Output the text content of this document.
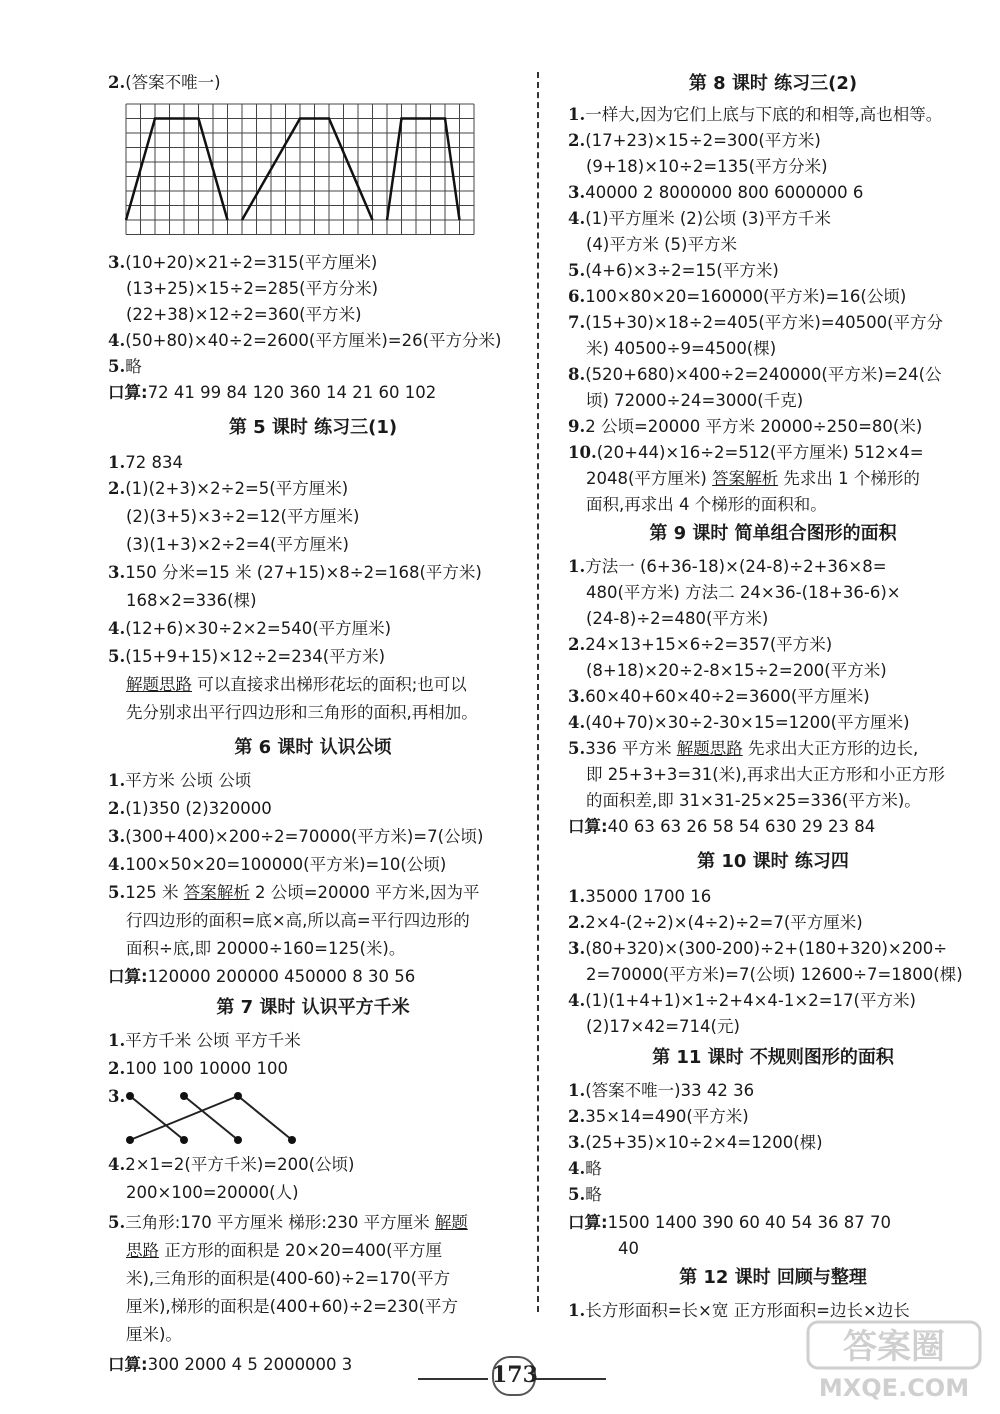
2.(答案不唯一)
3.(10+20)×21÷2=315(平方厘米)
(13+25)×15÷2=285(平方分米)
(22+38)×12÷2=360(平方米)
4.(50+80)×40÷2=2600(平方厘米)=26(平方分米)
5.略
口算:72 41 99 84 120 360 14 21 60 102
第 5 课时 练习三(1)
1.72 834
2.(1)(2+3)×2÷2=5(平方厘米)
(2)(3+5)×3÷2=12(平方厘米)
(3)(1+3)×2÷2=4(平方厘米)
3.150 分米=15 米 (27+15)×8÷2=168(平方米)
168×2=336(棵)
4.(12+6)×30÷2×2=540(平方厘米)
5.(15+9+15)×12÷2=234(平方米)
解题思路 可以直接求出梯形花坛的面积;也可以
先分别求出平行四边形和三角形的面积,再相加。
第 6 课时 认识公顷
1.平方米 公顷 公顷
2.(1)350 (2)320000
3.(300+400)×200÷2=70000(平方米)=7(公顷)
4.100×50×20=100000(平方米)=10(公顷)
5.125 米 答案解析 2 公顷=20000 平方米,因为平
行四边形的面积=底×高,所以高=平行四边形的
面积÷底,即 20000÷160=125(米)。
口算:120000 200000 450000 8 30 56
第 7 课时 认识平方千米
1.平方千米 公顷 平方千米
2.100 100 10000 100
3.
4.2×1=2(平方千米)=200(公顷)
200×100=20000(人)
5.三角形:170 平方厘米 梯形:230 平方厘米 解题
思路 正方形的面积是 20×20=400(平方厘
米),三角形的面积是(400-60)÷2=170(平方
厘米),梯形的面积是(400+60)÷2=230(平方
厘米)。
口算:300 2000 4 5 2000000 3
第 8 课时 练习三(2)
1.一样大,因为它们上底与下底的和相等,高也相等。
2.(17+23)×15÷2=300(平方米)
(9+18)×10÷2=135(平方分米)
3.40000 2 8000000 800 6000000 6
4.(1)平方厘米 (2)公顷 (3)平方千米
(4)平方米 (5)平方米
5.(4+6)×3÷2=15(平方米)
6.100×80×20=160000(平方米)=16(公顷)
7.(15+30)×18÷2=405(平方米)=40500(平方分
米) 40500÷9=4500(棵)
8.(520+680)×400÷2=240000(平方米)=24(公
顷) 72000÷24=3000(千克)
9.2 公顷=20000 平方米 20000÷250=80(米)
10.(20+44)×16÷2=512(平方厘米) 512×4=
2048(平方厘米) 答案解析 先求出 1 个梯形的
面积,再求出 4 个梯形的面积和。
第 9 课时 简单组合图形的面积
1.方法一 (6+36-18)×(24-8)÷2+36×8=
480(平方米) 方法二 24×36-(18+36-6)×
(24-8)÷2=480(平方米)
2.24×13+15×6÷2=357(平方米)
(8+18)×20÷2-8×15÷2=200(平方米)
3.60×40+60×40÷2=3600(平方厘米)
4.(40+70)×30÷2-30×15=1200(平方厘米)
5.336 平方米 解题思路 先求出大正方形的边长,
即 25+3+3=31(米),再求出大正方形和小正方形
的面积差,即 31×31-25×25=336(平方米)。
口算:40 63 63 26 58 54 630 29 23 84
第 10 课时 练习四
1.35000 1700 16
2.2×4-(2÷2)×(4÷2)÷2=7(平方厘米)
3.(80+320)×(300-200)÷2+(180+320)×200÷
2=70000(平方米)=7(公顷) 12600÷7=1800(棵)
4.(1)(1+4+1)×1÷2+4×4-1×2=17(平方米)
(2)17×42=714(元)
第 11 课时 不规则图形的面积
1.(答案不唯一)33 42 36
2.35×14=490(平方米)
3.(25+35)×10÷2×4=1200(棵)
4.略
5.略
口算:1500 1400 390 60 40 54 36 87 70
40
第 12 课时 回顾与整理
1.长方形面积=长×宽 正方形面积=边长×边长
173
答案圈
MXQE.COM
